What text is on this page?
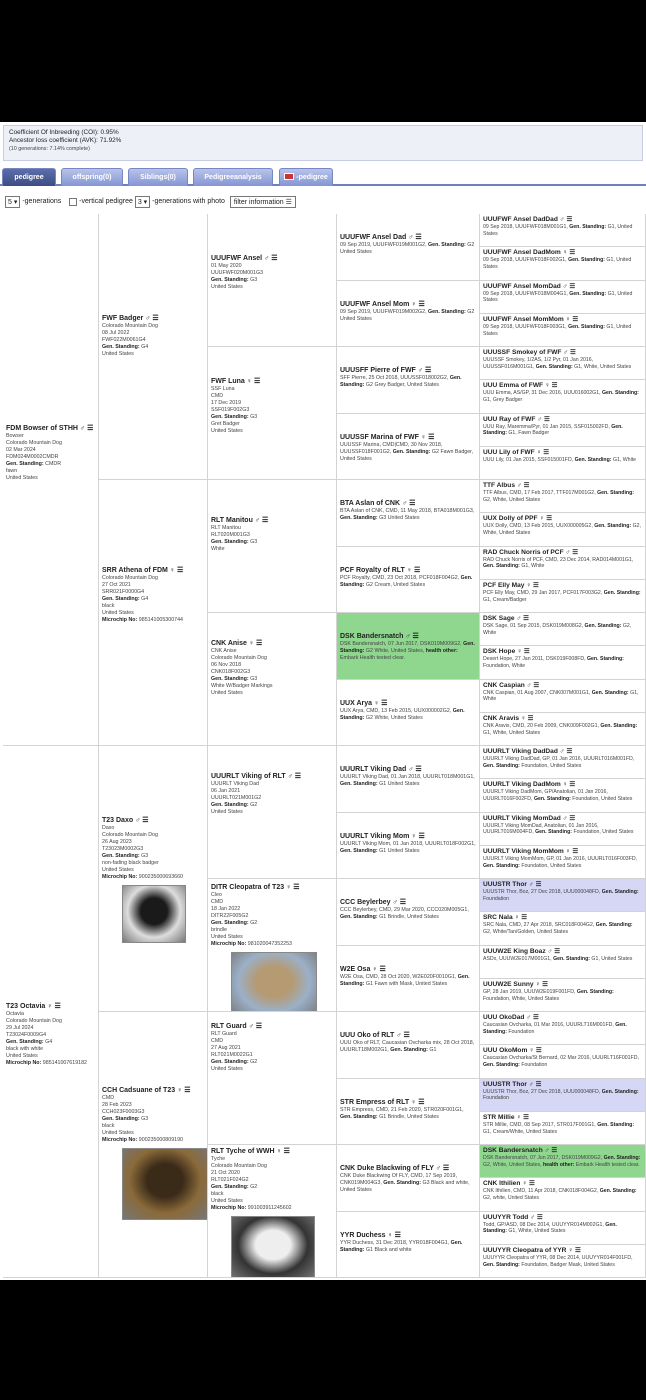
Coefficient Of Inbreeding (COI): 0.95%
Ancestor loss coefficient (AVK): 71.92%
(10 generations: 7.14% complete)
pedigree	offspring(0)	Siblings(0)	Pedigreeanalysis	-pedigree
5 ▾ -generations	-vertical pedigree 3 ▾ -generations with photo filter information ☰
FDM Bowser of STHH ♂ ☰
Bowser
Colorado Mountain Dog
02 Mar 2024
FDM024M0002CMDR
Gen. Standing: CMDR
fawn
United States
T23 Octavia ♀ ☰
Octavia
Colorado Mountain Dog
29 Jul 2024
T23024F0009G4
Gen. Standing: G4
black with white
United States
Microchip No: 985141007619182
FWF Badger ♂ ☰
Colorado Mountain Dog
08 Jul 2022
FWF022M0061G4
Gen. Standing: G4
United States
SRR Athena of FDM ♀ ☰
Colorado Mountain Dog
27 Oct 2021
SRR021F0000G4
Gen. Standing: G4
black
United States
Microchip No: 985141005300744
T23 Daxo ♂ ☰
Daxo
Colorado Mountain Dog
26 Aug 2023
T23023M0002G3
Gen. Standing: G3
non-fading black badger
United States
Microchip No: 900235000693660
CCH Cadsuane of T23 ♀ ☰
CMD
28 Feb 2023
CCH023F0003G3
Gen. Standing: G3
black
United States
Microchip No: 900235000809190
UUUFWF Ansel ♂ ☰
01 May 2020
UUUFWF020M001G3
Gen. Standing: G3
United States
FWF Luna ♀ ☰
SSF Luna
CMD
17 Dec 2019
SSF019F002G3
Gen. Standing: G3
Gret Badger
United States
RLT Manitou ♂ ☰
RLT Manitou
RLT020M001G3
Gen. Standing: G3
White
CNK Anise ♀ ☰
CNK Anise
Colorado Mountain Dog
06 Nov 2018
CNK018F002G3
Gen. Standing: G3
White W/Badger Markings
United States
UUURLT Viking of RLT ♂ ☰
UUURLT Viking Dad
06 Jan 2021
UUURLT021M001G2
Gen. Standing: G2
United States
DITR Cleopatra of T23 ♀ ☰
Cleo
CMD
18 Jan 2022
DITR22F005G2
Gen. Standing: G2
brindle
United States
Microchip No: 981020047352253
RLT Guard ♂ ☰
RLT Guard
CMD
27 Aug 2021
RLT021M0022G1
Gen. Standing: G2
United States
RLT Tyche of WWH ♀ ☰
Tyche
Colorado Mountain Dog
21 Oct 2020
RLT021F024G2
Gen. Standing: G2
black
United States
Microchip No: 991003911245602
UUUFWF Ansel Dad ♂ ☰
09 Sep 2019, UUUFWF019M001G2, Gen. Standing: G2 United States
UUUFWF Ansel Mom ♀ ☰
09 Sep 2019, UUUFWF019M002G2, Gen. Standing: G2 United States
UUUSFF Pierre of FWF ♂ ☰
SFF Pierre, 25 Oct 2018, UUUSSF018002G2, Gen. Standing: G2 Grey Badger, United States
UUUSSF Marina of FWF ♀ ☰
UUUSSF Marina, CMD|CMD, 30 Nov 2018, UUUSSF018F001G2, Gen. Standing: G2 Fawn Badger, United States
BTA Aslan of CNK ♂ ☰
BTA Aslan of CNK, CMD, 11 May 2018, BTA018M001G3, Gen. Standing: G3 United States
PCF Royalty of RLT ♀ ☰
PCF Royalty, CMD, 23 Oct 2018, PCF018F004G2, Gen. Standing: G2 Cream, United States
DSK Bandersnatch ♂ ☰
DSK Bandersnatch, 07 Jun 2017, DSK019M009G2, Gen. Standing: G2 White, United States, health other: Embark Health tested clear.
UUX Arya ♀ ☰
UUX Arya, CMD, 13 Feb 2015, UUX000002G2, Gen. Standing: G2 White, United States
UUURLT Viking Dad ♂ ☰
UUURLT Viking Dad, 01 Jan 2018, UUURLT018M001G1, Gen. Standing: G1 United States
UUURLT Viking Mom ♀ ☰
UUURLT Viking Mom, 01 Jan 2018, UUURLT018F002G1, Gen. Standing: G1 United States
CCC Beylerbey ♂ ☰
CCC Beylerbey, CMD, 29 Mar 2020, CCC020M005G1, Gen. Standing: G1 Brindle, United States
W2E Osa ♀ ☰
W2E Osa, CMD, 28 Oct 2020, W2E020F0010G1, Gen. Standing: G1 Fawn with Mask, United States
UUU Oko of RLT ♂ ☰
UUU Oko of RLT, Caucasian Ovcharka mix, 28 Oct 2018, UUURLT18M002G1, Gen. Standing: G1
STR Empress of RLT ♀ ☰
STR Empress, CMD, 21 Feb 2020, STR020F001G1, Gen. Standing: G1 Brindle, United States
CNK Duke Blackwing of FLY ♂ ☰
CNK Duke Blackwing Of FLY, CMD, 17 Sep 2019, CNK019M004G3, Gen. Standing: G3 Black and white, United States
YYR Duchess ♀ ☰
YYR Duchess, 31 Dec 2018, YYR018F004G1, Gen. Standing: G1 Black and white
UUUFWF Ansel DadDad ♂ ☰
09 Sep 2018, UUUFWF018M001G1, Gen. Standing: G1, United States
UUUFWF Ansel DadMom ♀ ☰
09 Sep 2018, UUUFWF018F002G1, Gen. Standing: G1, United States
UUUFWF Ansel MomDad ♂ ☰
09 Sep 2018, UUUFWF018M004G1, Gen. Standing: G1, United States
UUUFWF Ansel MomMom ♀ ☰
09 Sep 2018, UUUFWF018F003G1, Gen. Standing: G1, United States
UUUSSF Smokey of FWF ♂ ☰
UUUSSF Smokey, 1/2AS, 1/2 Pyr, 01 Jan 2016, UUUSSF016M001G1, Gen. Standing: G1, White, United States
UUU Emma of FWF ♀ ☰
UUU Emma, AS/GP, 31 Dec 2016, UUU016002G1, Gen. Standing: G1, Grey Badger
UUU Ray of FWF ♂ ☰
UUU Ray, Maremma/Pyr, 01 Jan 2015, SSF015002FD, Gen. Standing: G1, Fawn Badger
UUU Lily of FWF ♀ ☰
UUU Lily, 01 Jan 2015, SSF015001FD, Gen. Standing: G1, White
TTF Albus ♂ ☰
TTF Albus, CMD, 17 Feb 2017, TTF017M001G2, Gen. Standing: G2, White, United States
UUX Dolly of PPF ♀ ☰
UUX Dolly, CMD, 13 Feb 2015, UUX000005G2, Gen. Standing: G2, White, United States
RAD Chuck Norris of PCF ♂ ☰
RAD Chuck Norris of PCF, CMD, 23 Dec 2014, RAD014M001G1, Gen. Standing: G1, White
PCF Elly May ♀ ☰
PCF Elly May, CMD, 29 Jan 2017, PCF017F003G2, Gen. Standing: G1, Cream/Badger
DSK Sage ♂ ☰
DSK Sage, 01 Sep 2015, DSK019M008G2, Gen. Standing: G2, White
DSK Hope ♀ ☰
Desert Hope, 27 Jan 2011, DSK019F008FD, Gen. Standing: Foundation, White
CNK Caspian ♂ ☰
CNK Caspian, 01 Aug 2007, CNK007M001G1, Gen. Standing: G1, White
CNK Aravis ♀ ☰
CNK Aravis, CMD, 20 Feb 2009, CNK009F002G1, Gen. Standing: G1, White, United States
UUURLT Viking DadDad ♂ ☰
UUURLT Viking DadDad, GP, 01 Jan 2016, UUURLT016M001FD, Gen. Standing: Foundation, United States
UUURLT Viking DadMom ♀ ☰
UUURLT Viking DadMom, GP/Anatolian, 01 Jan 2016, UUURLT016F002FD, Gen. Standing: Foundation, United States
UUURLT Viking MomDad ♂ ☰
UUURLT Viking MomDad, Anatolian, 01 Jan 2016, UUURLT016M004FD, Gen. Standing: Foundation, United States
UUURLT Viking MomMom ♀ ☰
UUURLT Viking MomMom, GP, 01 Jan 2016, UUURLT016F003FD, Gen. Standing: Foundation, United States
UUUSTR Thor ♂ ☰
UUUSTR Thor, Boz, 27 Dec 2018, UUU000048FD, Gen. Standing: Foundation
SRC Nala ♀ ☰
SRC Nala, CMD, 27 Apr 2018, SRC018F004G2, Gen. Standing: G2, White/Tan/Golden, United States
UUUW2E King Boaz ♂ ☰
ASDx, UUUW2E017M001G1, Gen. Standing: G1, United States
UUUW2E Sunny ♀ ☰
GP, 28 Jan 2019, UUUW2E019F001FD, Gen. Standing: Foundation, White, United States
UUU OkoDad ♂ ☰
Caucasian Ovcharka, 01 Mar 2016, UUURLT16M001FD, Gen. Standing: Foundation
UUU OkoMom ♀ ☰
Caucasian Ovcharka/St Bernard, 02 Mar 2016, UUURLT16F001FD, Gen. Standing: Foundation
UUUSTR Thor ♂ ☰
UUUSTR Thor, Boz, 27 Dec 2018, UUU000048FD, Gen. Standing: Foundation
STR Millie ♀ ☰
STR Millie, CMD, 08 Sep 2017, STR017F001G1, Gen. Standing: G1, Cream/White, United States
DSK Bandersnatch ♂ ☰
DSK Bandersnatch, 07 Jun 2017, DSK019M009G2, Gen. Standing: G2, White, United States, health other: Embark Health tested clear.
CNK Ithilien ♀ ☰
CNK Ithilien, CMD, 11 Apr 2018, CNK018F004G2, Gen. Standing: G2, white, United States
UUUYYR Todd ♂ ☰
Todd, GP/ASD, 08 Dec 2014, UUUYYR014M002G1, Gen. Standing: G1, White, United States
UUUYYR Cleopatra of YYR ♀ ☰
UUUYYR Cleopatra of YYR, 08 Dec 2014, UUUYYR014F001FD, Gen. Standing: Foundation, Badger Mask, United States
